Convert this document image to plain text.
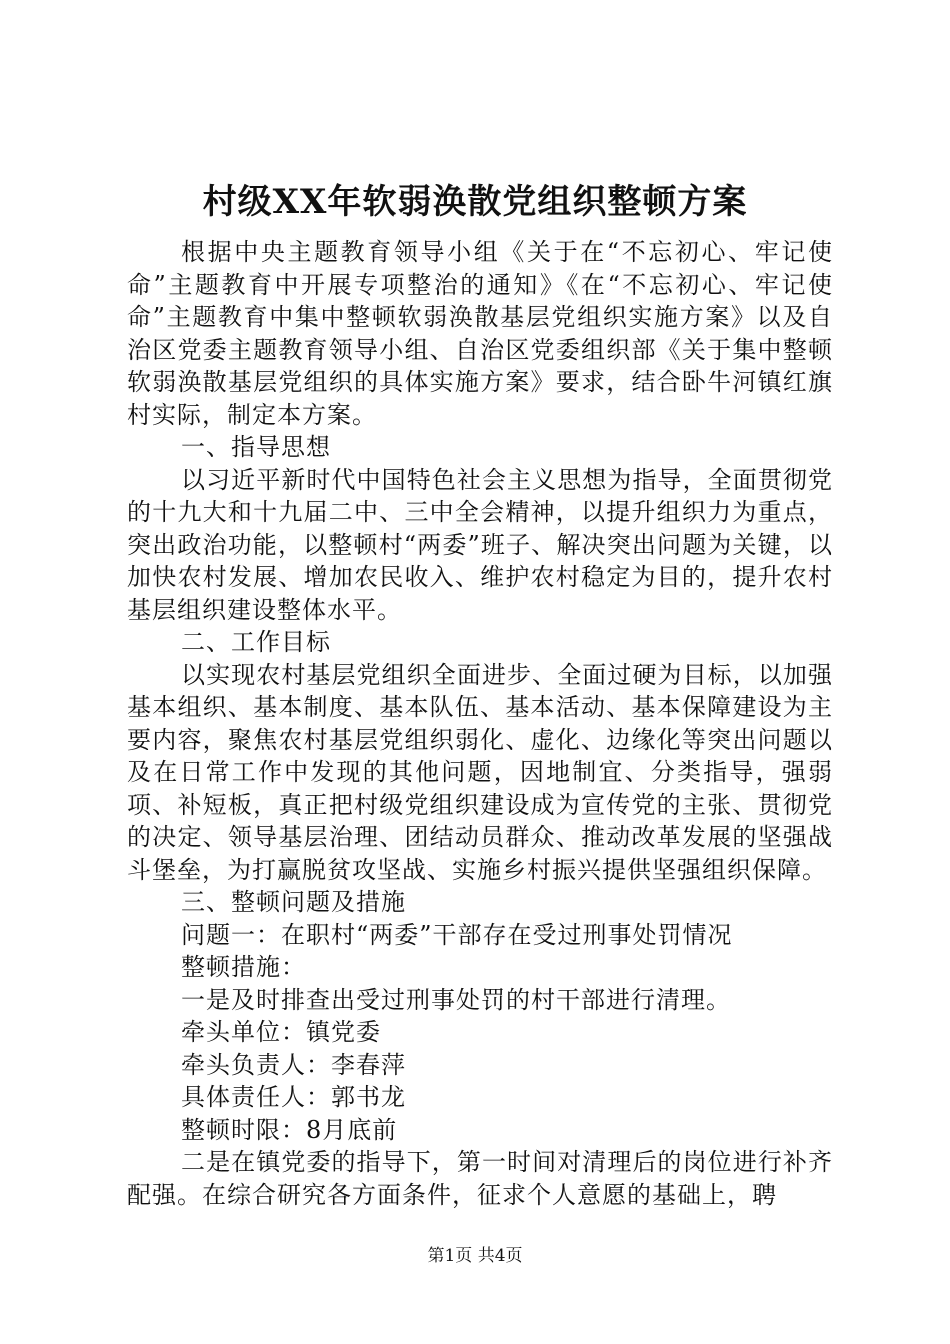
村级XX年软弱涣散党组织整顿方案

根据中央主题教育领导小组《关于在“不忘初心、牢记使命”主题教育中开展专项整治的通知》《在“不忘初心、牢记使命”主题教育中集中整顿软弱涣散基层党组织实施方案》以及自治区党委主题教育领导小组、自治区党委组织部《关于集中整顿软弱涣散基层党组织的具体实施方案》要求，结合卧牛河镇红旗村实际，制定本方案。

一、指导思想

以习近平新时代中国特色社会主义思想为指导，全面贯彻党的十九大和十九届二中、三中全会精神，以提升组织力为重点，突出政治功能，以整顿村“两委”班子、解决突出问题为关键，以加快农村发展、增加农民收入、维护农村稳定为目的，提升农村基层组织建设整体水平。

二、工作目标

以实现农村基层党组织全面进步、全面过硬为目标，以加强基本组织、基本制度、基本队伍、基本活动、基本保障建设为主要内容，聚焦农村基层党组织弱化、虚化、边缘化等突出问题以及在日常工作中发现的其他问题，因地制宜、分类指导，强弱项、补短板，真正把村级党组织建设成为宣传党的主张、贯彻党的决定、领导基层治理、团结动员群众、推动改革发展的坚强战斗堡垒，为打赢脱贫攻坚战、实施乡村振兴提供坚强组织保障。

三、整顿问题及措施

问题一：在职村“两委”干部存在受过刑事处罚情况

整顿措施：

一是及时排查出受过刑事处罚的村干部进行清理。

牵头单位：镇党委

牵头负责人：李春萍

具体责任人：郭书龙

整顿时限：8月底前

二是在镇党委的指导下，第一时间对清理后的岗位进行补齐配强。在综合研究各方面条件，征求个人意愿的基础上，聘

第1页 共4页
